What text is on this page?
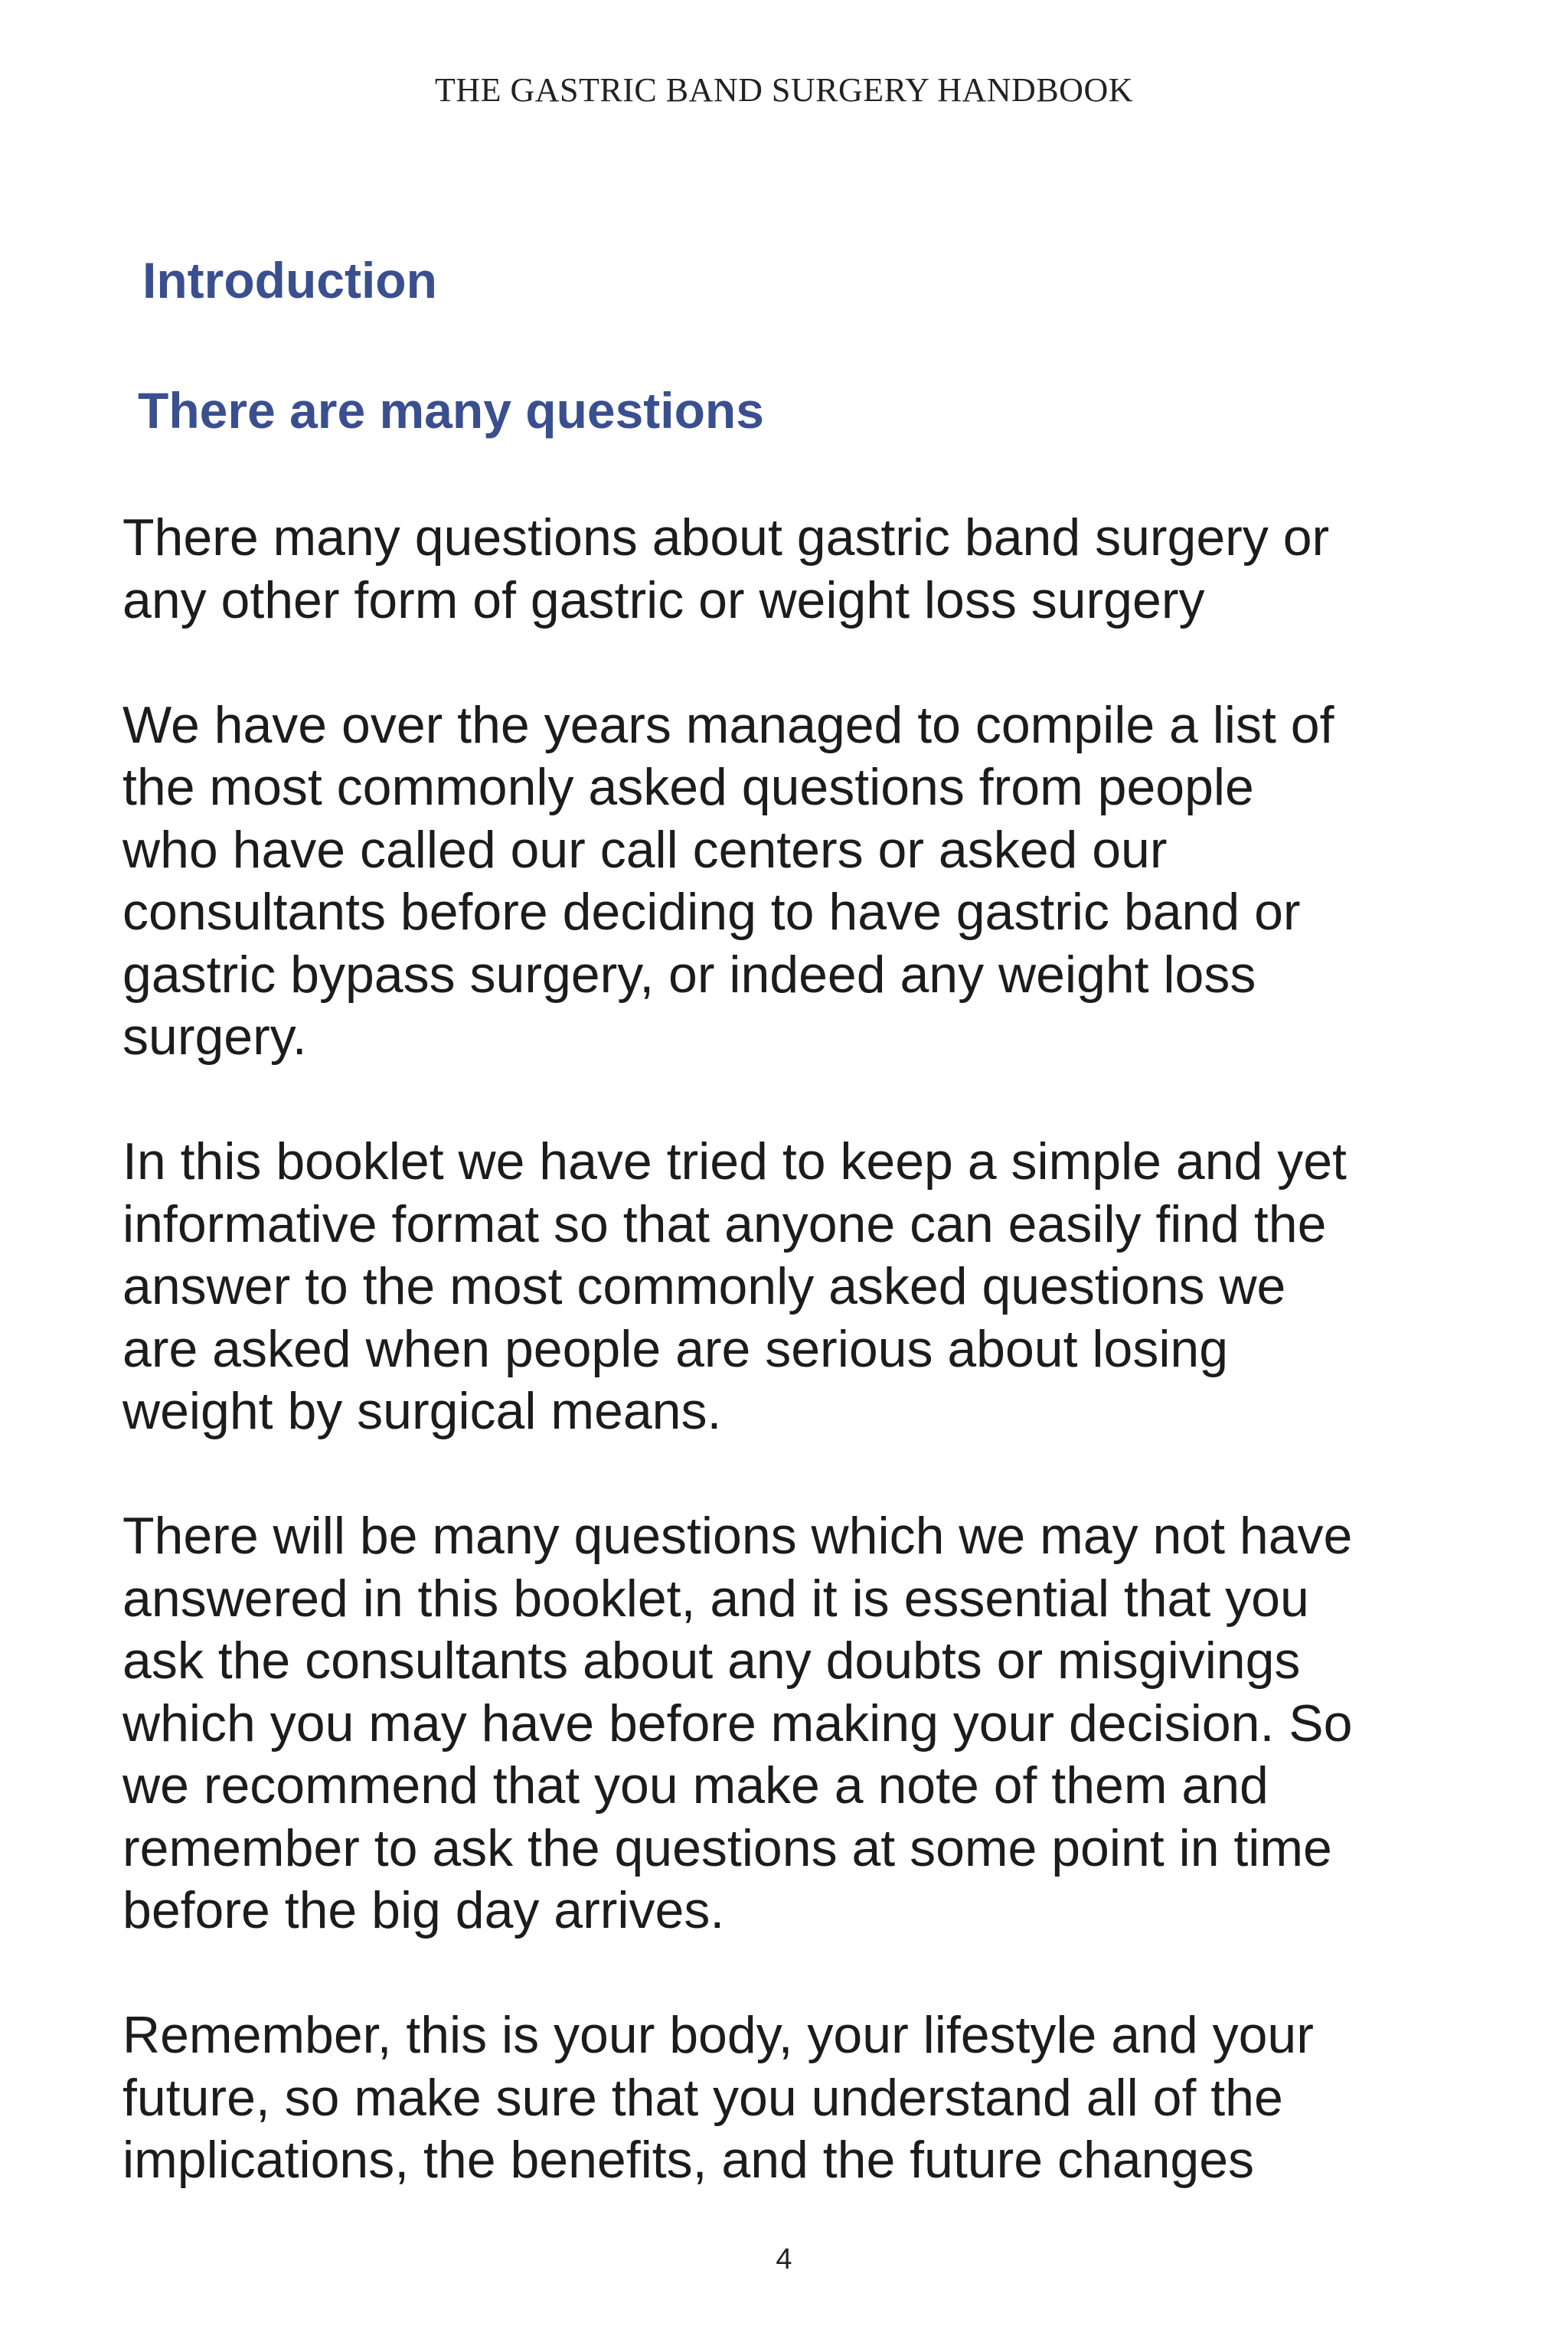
THE GASTRIC BAND SURGERY HANDBOOK
Introduction
There are many questions

There many questions about gastric band surgery or
any other form of gastric or weight loss surgery

We have over the years managed to compile a list of
the most commonly asked questions from people
who have called our call centers or asked our
consultants before deciding to have gastric band or
gastric bypass surgery, or indeed any weight loss
surgery.

In this booklet we have tried to keep a simple and yet
informative format so that anyone can easily find the
answer to the most commonly asked questions we
are asked when people are serious about losing
weight by surgical means.

There will be many questions which we may not have
answered in this booklet, and it is essential that you
ask the consultants about any doubts or misgivings
which you may have before making your decision. So
we recommend that you make a note of them and
remember to ask the questions at some point in time
before the big day arrives.

Remember, this is your body, your lifestyle and your
future, so make sure that you understand all of the
implications, the benefits, and the future changes

4
